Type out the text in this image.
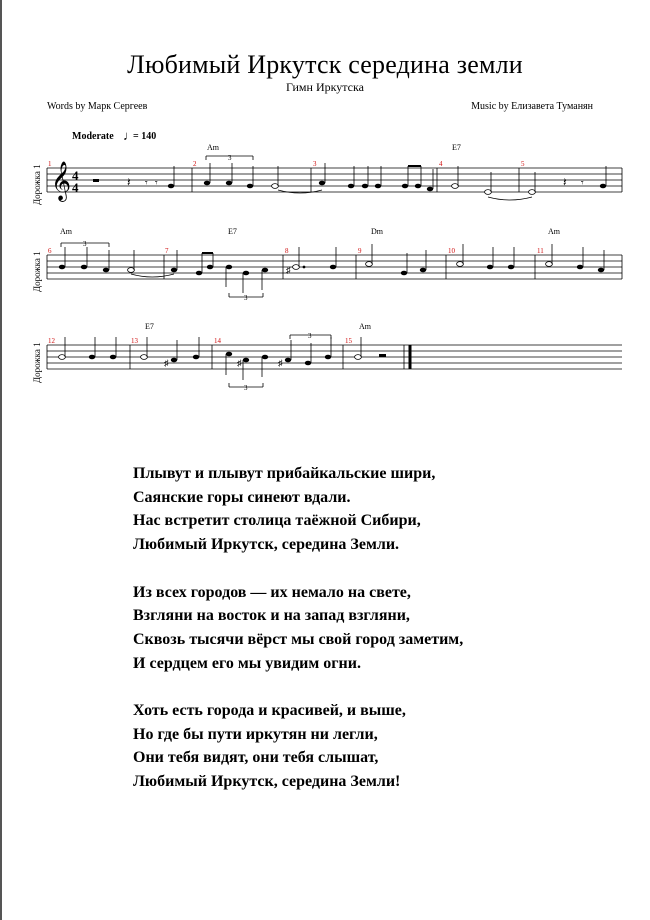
Любимый Иркутск середина земли
Гимн Иркутска
Words by Марк Сергеев	Music by Елизавета Туманян
Moderate ♩
= 140
Дорожка 1 𝄞 4
4
1	2	3	4	5
Am	E7
𝄽 𝄾 𝄾
3
𝄽 𝄾
Дорожка 1
6	7	8	9	10	11
Am	E7	Dm	Am
3
3
♯
Дорожка 1
12	13	14	15
E7	Am
♯	♯	♯
3
3
Плывут и плывут прибайкальские шири,
Саянские горы синеют вдали.
Нас встретит столица таёжной Сибири,
Любимый Иркутск, середина Земли.
Из всех городов — их немало на свете,
Взгляни на восток и на запад взгляни,
Сквозь тысячи вёрст мы свой город заметим,
И сердцем его мы увидим огни.
Хоть есть города и красивей, и выше,
Но где бы пути иркутян ни легли,
Они тебя видят, они тебя слышат,
Любимый Иркутск, середина Земли!
